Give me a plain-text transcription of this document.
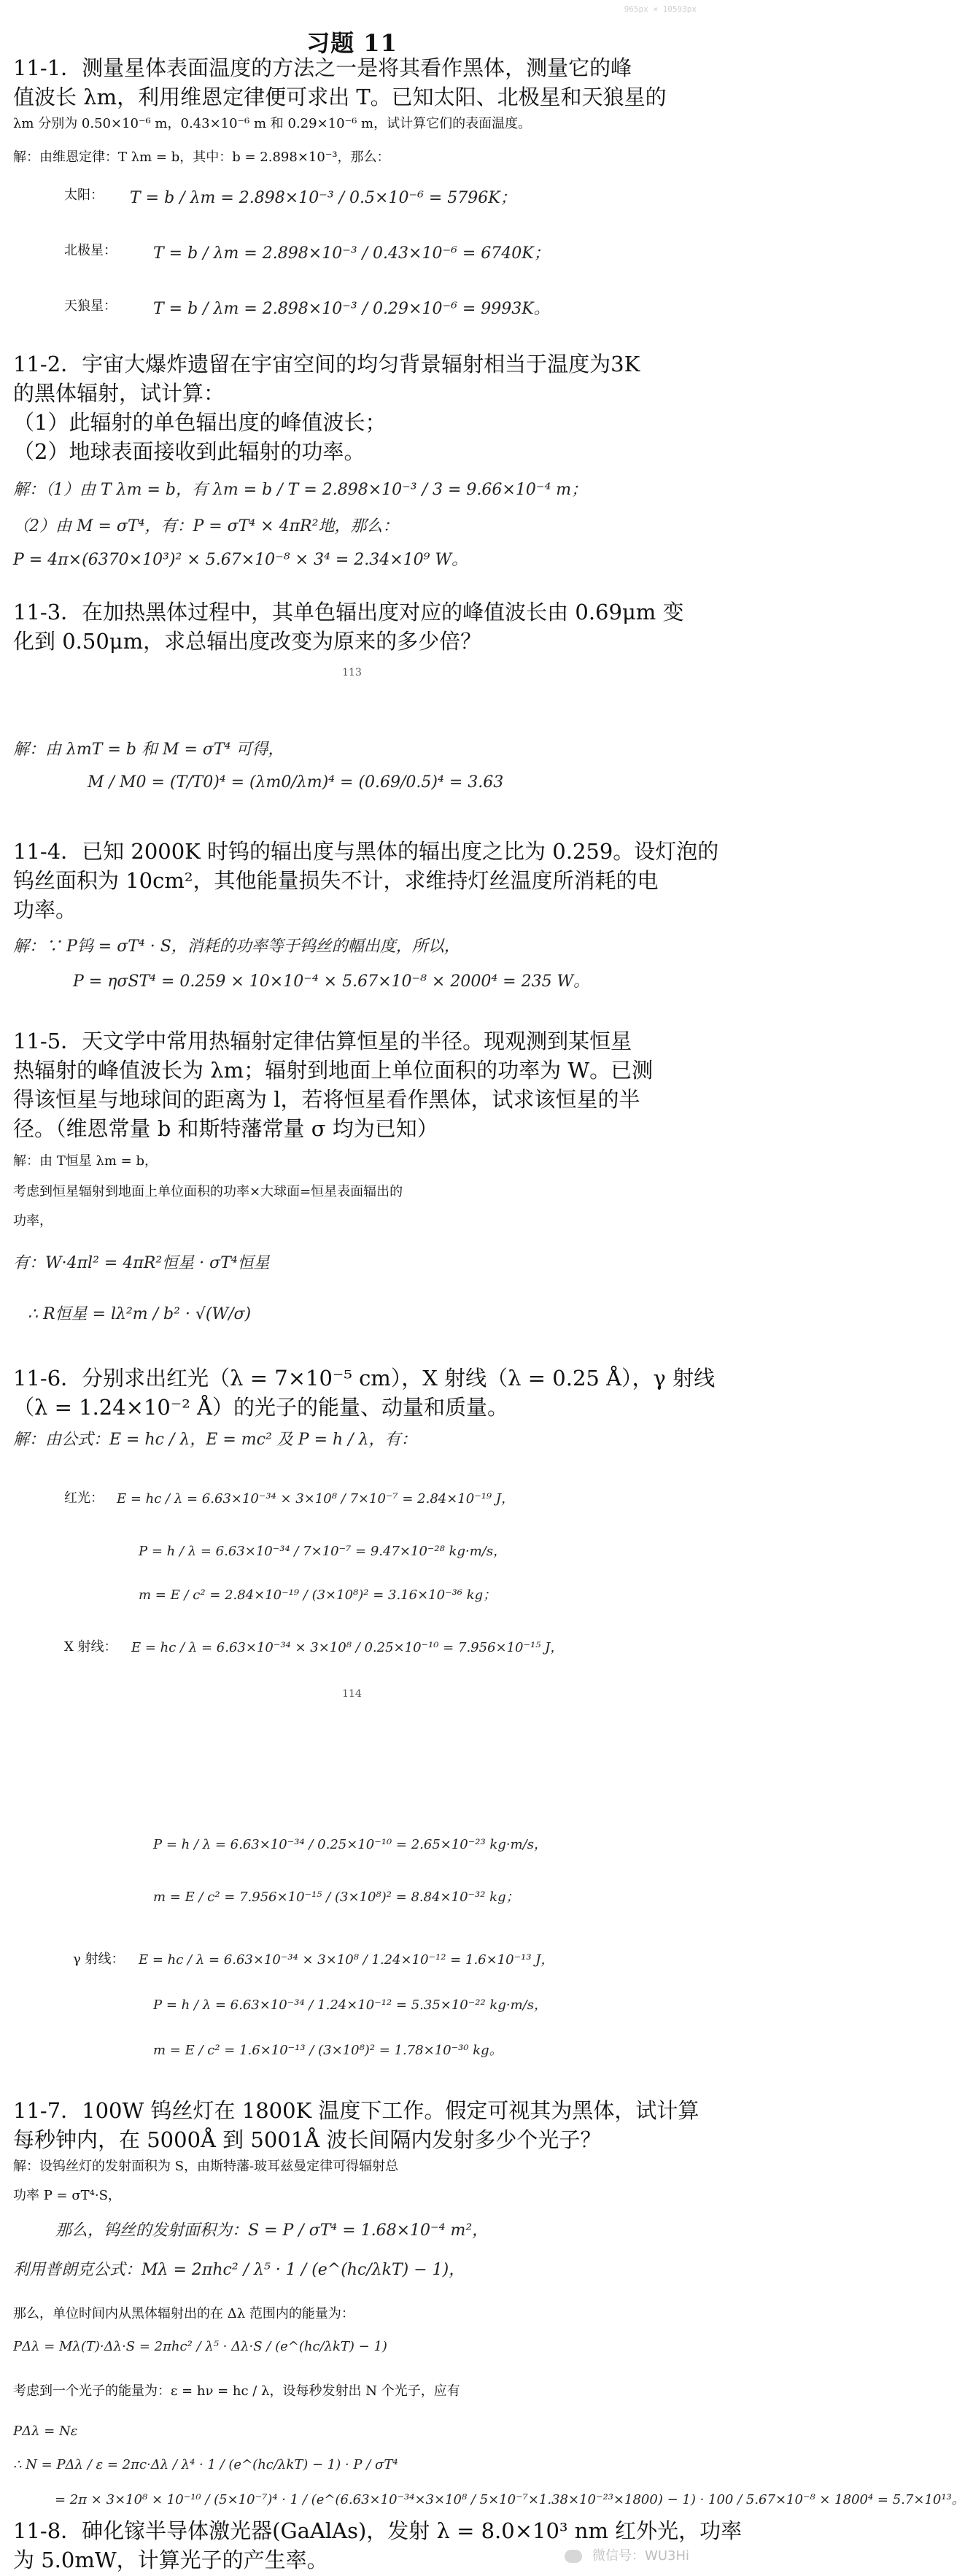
965px × 10593px
习题 11
11-1．测量星体表面温度的方法之一是将其看作黑体，测量它的峰
值波长 λm，利用维恩定律便可求出 T。已知太阳、北极星和天狼星的
λm 分别为 0.50×10⁻⁶ m，0.43×10⁻⁶ m 和 0.29×10⁻⁶ m，试计算它们的表面温度。
解：由维恩定律：T λm = b，其中：b = 2.898×10⁻³，那么：
太阳： T = b / λm = 2.898×10⁻³ / 0.5×10⁻⁶ = 5796K；
北极星： T = b / λm = 2.898×10⁻³ / 0.43×10⁻⁶ = 6740K；
天狼星： T = b / λm = 2.898×10⁻³ / 0.29×10⁻⁶ = 9993K。
11-2．宇宙大爆炸遗留在宇宙空间的均匀背景辐射相当于温度为3K
的黑体辐射，试计算：
（1）此辐射的单色辐出度的峰值波长；
（2）地球表面接收到此辐射的功率。
解：（1）由 T λm = b，有 λm = b / T = 2.898×10⁻³ / 3 = 9.66×10⁻⁴ m；
（2）由 M = σT⁴，有：P = σT⁴ × 4πR²地，那么：
P = 4π×(6370×10³)² × 5.67×10⁻⁸ × 3⁴ = 2.34×10⁹ W。
11-3．在加热黑体过程中，其单色辐出度对应的峰值波长由 0.69μm 变
化到 0.50μm，求总辐出度改变为原来的多少倍？
113
解：由 λmT = b 和 M = σT⁴ 可得，
M / M0 = (T/T0)⁴ = (λm0/λm)⁴ = (0.69/0.5)⁴ = 3.63
11-4．已知 2000K 时钨的辐出度与黑体的辐出度之比为 0.259。设灯泡的
钨丝面积为 10cm²，其他能量损失不计，求维持灯丝温度所消耗的电
功率。
解：∵ P钨 = σT⁴ · S，消耗的功率等于钨丝的幅出度，所以，
P = ησST⁴ = 0.259 × 10×10⁻⁴ × 5.67×10⁻⁸ × 2000⁴ = 235 W。
11-5．天文学中常用热辐射定律估算恒星的半径。现观测到某恒星
热辐射的峰值波长为 λm；辐射到地面上单位面积的功率为 W。已测
得该恒星与地球间的距离为 l，若将恒星看作黑体，试求该恒星的半
径。（维恩常量 b 和斯特藩常量 σ 均为已知）
解：由 T恒星 λm = b，
考虑到恒星辐射到地面上单位面积的功率×大球面=恒星表面辐出的
功率，
有：W·4πl² = 4πR²恒星 · σT⁴恒星
∴ R恒星 = lλ²m / b² · √(W/σ)
11-6．分别求出红光（λ = 7×10⁻⁵ cm），X 射线（λ = 0.25 Å），γ 射线
（λ = 1.24×10⁻² Å）的光子的能量、动量和质量。
解：由公式：E = hc / λ，E = mc² 及 P = h / λ，有：
红光： E = hc / λ = 6.63×10⁻³⁴ × 3×10⁸ / 7×10⁻⁷ = 2.84×10⁻¹⁹ J，
P = h / λ = 6.63×10⁻³⁴ / 7×10⁻⁷ = 9.47×10⁻²⁸ kg·m/s，
m = E / c² = 2.84×10⁻¹⁹ / (3×10⁸)² = 3.16×10⁻³⁶ kg；
X 射线： E = hc / λ = 6.63×10⁻³⁴ × 3×10⁸ / 0.25×10⁻¹⁰ = 7.956×10⁻¹⁵ J，
114
P = h / λ = 6.63×10⁻³⁴ / 0.25×10⁻¹⁰ = 2.65×10⁻²³ kg·m/s，
m = E / c² = 7.956×10⁻¹⁵ / (3×10⁸)² = 8.84×10⁻³² kg；
γ 射线： E = hc / λ = 6.63×10⁻³⁴ × 3×10⁸ / 1.24×10⁻¹² = 1.6×10⁻¹³ J，
P = h / λ = 6.63×10⁻³⁴ / 1.24×10⁻¹² = 5.35×10⁻²² kg·m/s，
m = E / c² = 1.6×10⁻¹³ / (3×10⁸)² = 1.78×10⁻³⁰ kg。
11-7．100W 钨丝灯在 1800K 温度下工作。假定可视其为黑体，试计算
每秒钟内，在 5000Å 到 5001Å 波长间隔内发射多少个光子？
解：设钨丝灯的发射面积为 S，由斯特藩-玻耳兹曼定律可得辐射总
功率 P = σT⁴·S，
那么，钨丝的发射面积为：S = P / σT⁴ = 1.68×10⁻⁴ m²，
利用普朗克公式：Mλ = 2πhc² / λ⁵ · 1 / (e^(hc/λkT) − 1)，
那么，单位时间内从黑体辐射出的在 Δλ 范围内的能量为：
PΔλ = Mλ(T)·Δλ·S = 2πhc² / λ⁵ · Δλ·S / (e^(hc/λkT) − 1)
考虑到一个光子的能量为：ε = hν = hc / λ，设每秒发射出 N 个光子，应有
PΔλ = Nε
∴ N = PΔλ / ε = 2πc·Δλ / λ⁴ · 1 / (e^(hc/λkT) − 1) · P / σT⁴
= 2π × 3×10⁸ × 10⁻¹⁰ / (5×10⁻⁷)⁴ · 1 / (e^(6.63×10⁻³⁴×3×10⁸ / 5×10⁻⁷×1.38×10⁻²³×1800) − 1) · 100 / 5.67×10⁻⁸ × 1800⁴ = 5.7×10¹³。
11-8．砷化镓半导体激光器(GaAlAs)，发射 λ = 8.0×10³ nm 红外光，功率
为 5.0mW，计算光子的产生率。	微信号：WU3Hi
